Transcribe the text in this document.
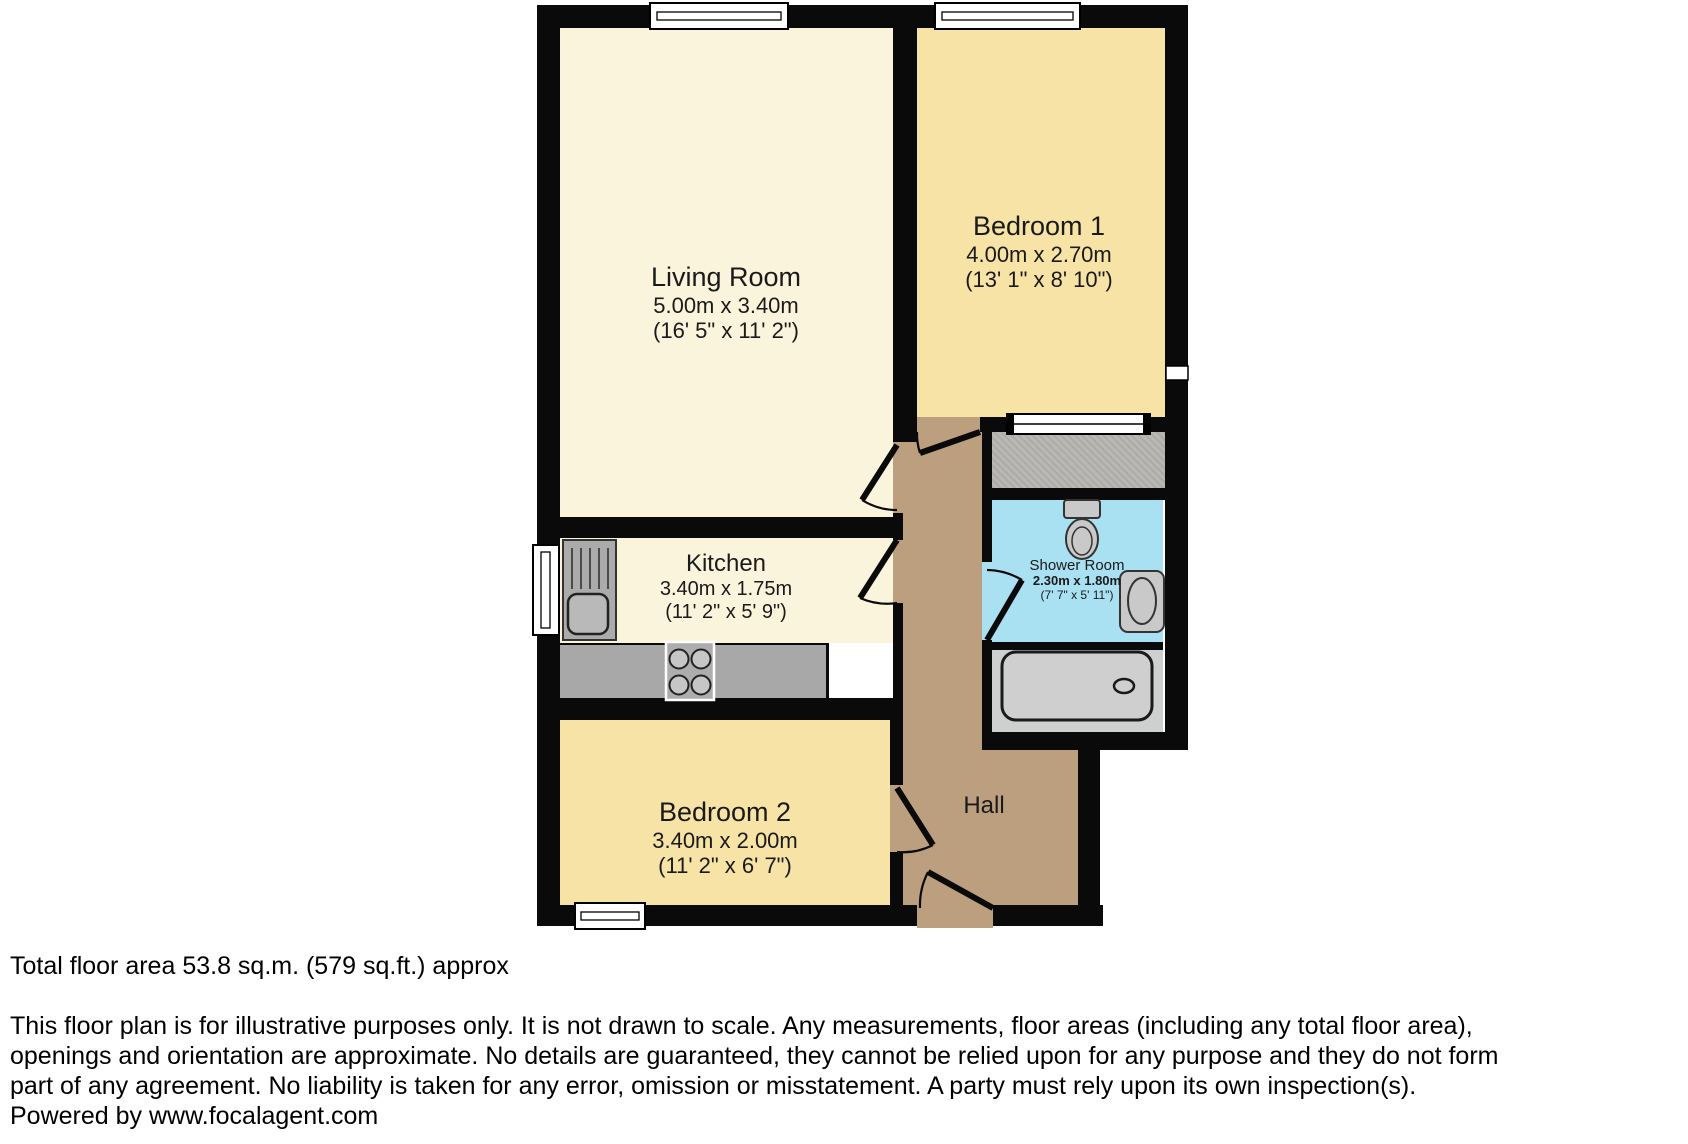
Living Room
5.00m x 3.40m
(16' 5" x 11' 2")
Bedroom 1
4.00m x 2.70m
(13' 1" x 8' 10")
Kitchen
3.40m x 1.75m
(11' 2" x 5' 9")
Bedroom 2
3.40m x 2.00m
(11' 2" x 6' 7")
Shower Room
2.30m x 1.80m
(7' 7" x 5' 11")
Hall

Total floor area 53.8 sq.m. (579 sq.ft.) approx

This floor plan is for illustrative purposes only. It is not drawn to scale. Any measurements, floor areas (including any total floor area),

openings and orientation are approximate. No details are guaranteed, they cannot be relied upon for any purpose and they do not form

part of any agreement. No liability is taken for any error, omission or misstatement. A party must rely upon its own inspection(s).

Powered by www.focalagent.com
